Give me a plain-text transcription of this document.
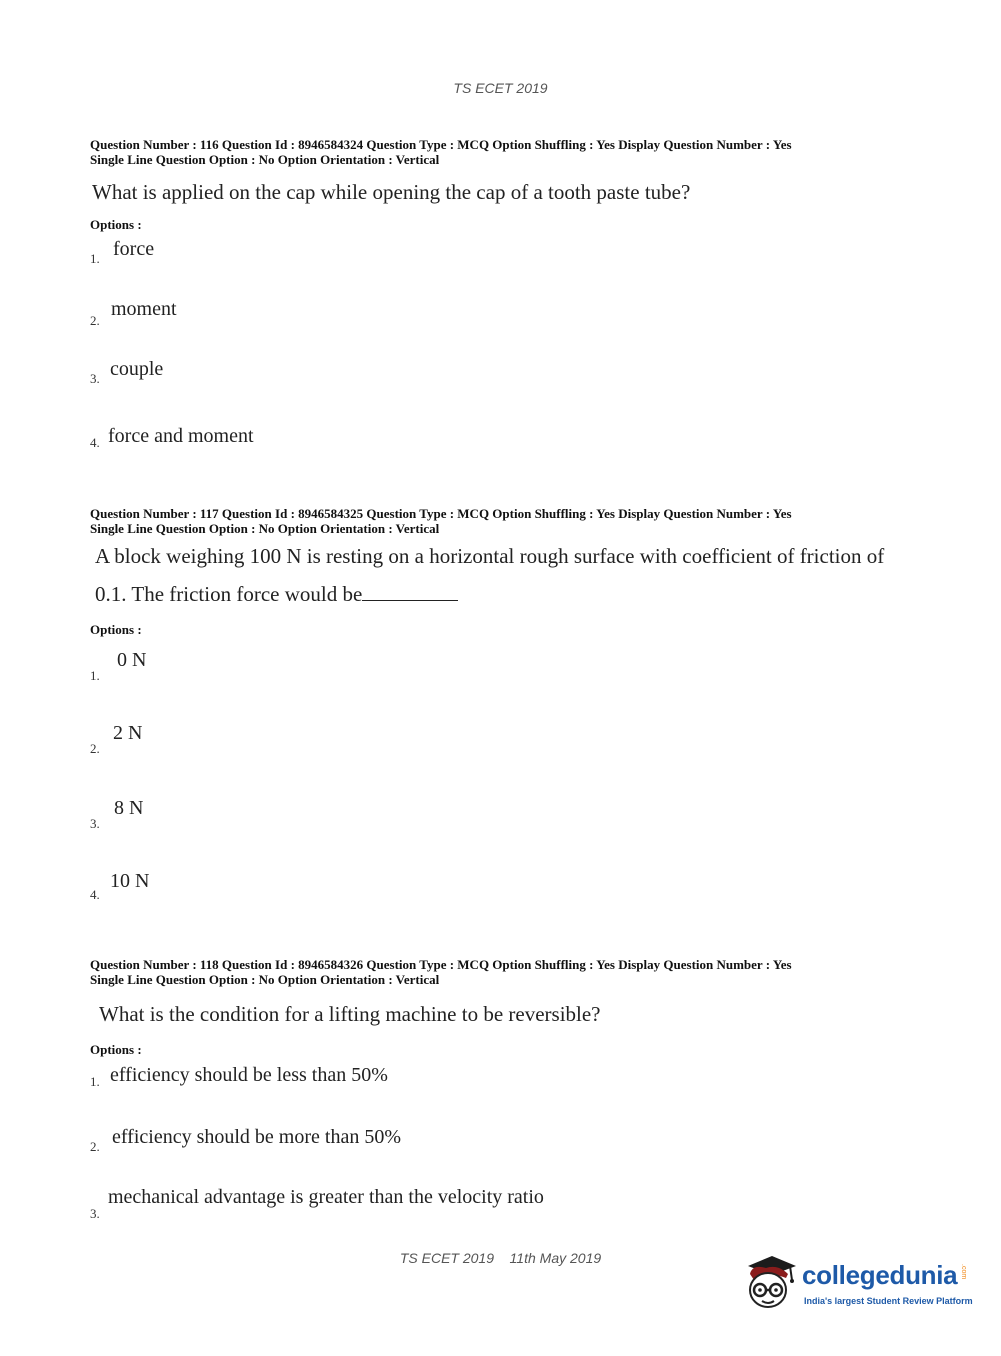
TS ECET 2019
Question Number : 116 Question Id : 8946584324 Question Type : MCQ Option Shuffling : Yes Display Question Number : Yes
Single Line Question Option : No Option Orientation : Vertical
What is applied on the cap while opening the cap of a tooth paste tube?
Options :
1. force
2.
moment
3. couple
4. force and moment
Question Number : 117 Question Id : 8946584325 Question Type : MCQ Option Shuffling : Yes Display Question Number : Yes
Single Line Question Option : No Option Orientation : Vertical
A block weighing 100 N is resting on a horizontal rough surface with coefficient of friction of
0.1. The friction force would be
Options :
1.
0 N
2.
2 N
3.
8 N
4.
10 N
Question Number : 118 Question Id : 8946584326 Question Type : MCQ Option Shuffling : Yes Display Question Number : Yes
Single Line Question Option : No Option Orientation : Vertical
What is the condition for a lifting machine to be reversible?
Options :
1. efficiency should be less than 50%
2. efficiency should be more than 50%
3.
mechanical advantage is greater than the velocity ratio
TS ECET 2019    11th May 2019
collegedunia .com
India's largest Student Review Platform
